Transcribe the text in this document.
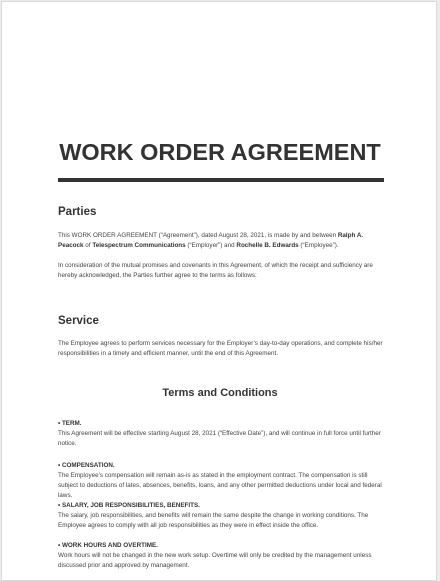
WORK ORDER AGREEMENT
Parties

This WORK ORDER AGREEMENT (“Agreement”), dated August 28, 2021, is made by and between Ralph A. Peacock of Telespectrum Communications (“Employer”) and Rochelle B. Edwards (“Employee”).

In consideration of the mutual promises and covenants in this Agreement, of which the receipt and sufficiency are hereby acknowledged, the Parties further agree to the terms as follows:

Service

The Employee agrees to perform services necessary for the Employer’s day-to-day operations, and complete his/her responsibilities in a timely and efficient manner, until the end of this Agreement.

Terms and Conditions

• TERM.
This Agreement will be effective starting August 28, 2021 (“Effective Date”), and will continue in full force until further notice.

• COMPENSATION.
The Employee’s compensation will remain as-is as stated in the employment contract. The compensation is still subject to deductions of lates, absences, benefits, loans, and any other permitted deductions under local and federal laws.

• SALARY, JOB RESPONSIBILITIES, BENEFITS.
The salary, job responsibilities, and benefits will remain the same despite the change in working conditions. The Employee agrees to comply with all job responsibilities as they were in effect inside the office.

• WORK HOURS AND OVERTIME.
Work hours will not be changed in the new work setup. Overtime will only be credited by the management unless discussed prior and approved by management.
